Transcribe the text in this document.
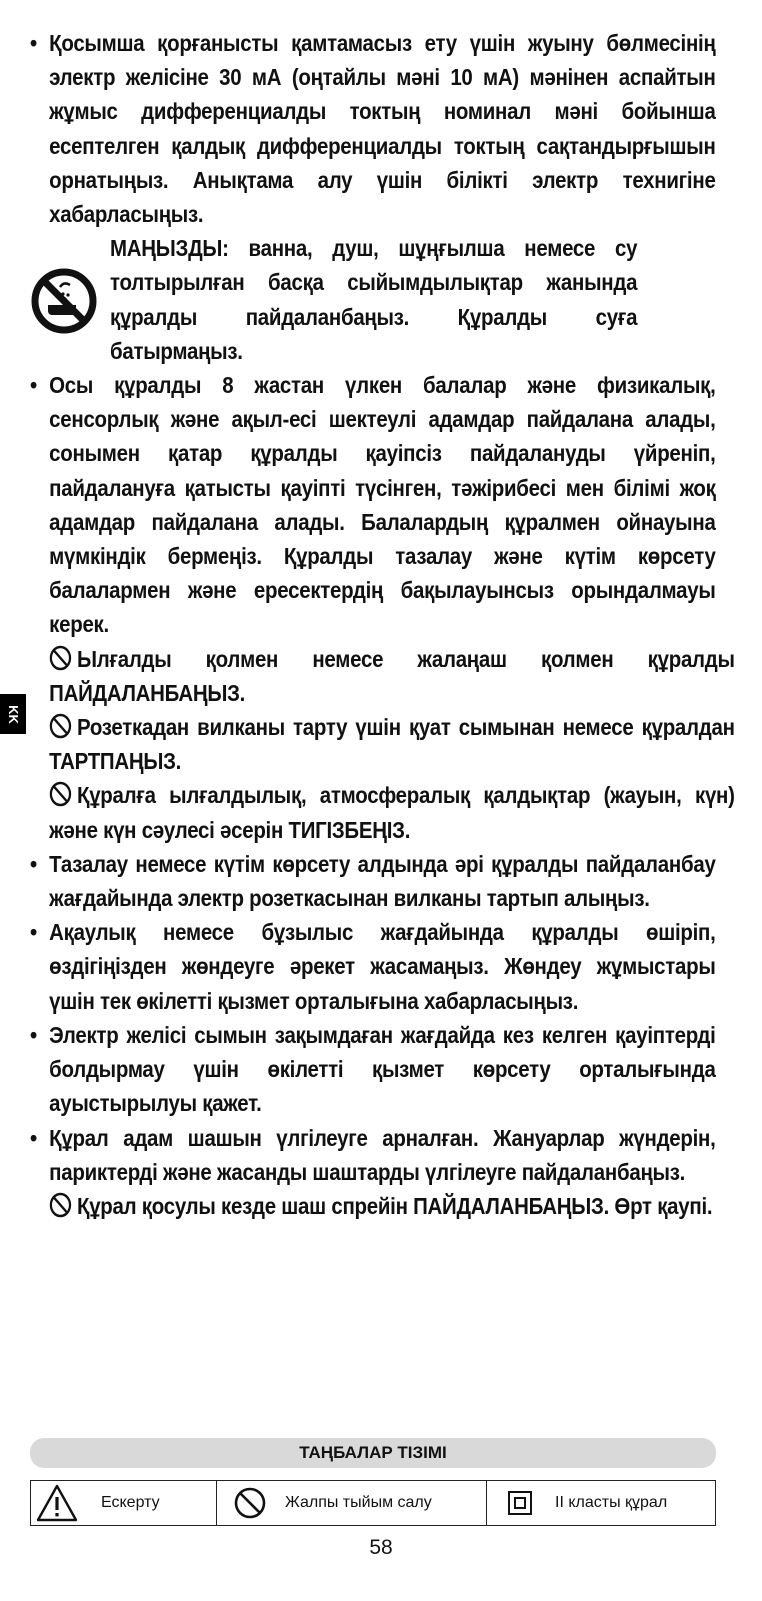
KK
• Қосымша қорғанысты қамтамасыз ету үшін жуыну бөлмесінің электр желісіне 30 мА (оңтайлы мәні 10 мА) мәнінен аспайтын жұмыс дифференциалды токтың номинал мәні бойынша есептелген қалдық дифференциалды токтың сақтандырғышын орнатыңыз. Анықтама алу үшін білікті электр технигіне хабарласыңыз.
МАҢЫЗДЫ: ванна, душ, шұңғылша немесе су толтырылған басқа сыйымдылықтар жанында құралды пайдаланбаңыз. Құралды суға батырмаңыз.
• Осы құралды 8 жастан үлкен балалар және физикалық, сенсорлық және ақыл-есі шектеулі адамдар пайдалана алады, сонымен қатар құралды қауіпсіз пайдалануды үйреніп, пайдалануға қатысты қауіпті түсінген, тәжірибесі мен білімі жоқ адамдар пайдалана алады. Балалардың құралмен ойнауына мүмкіндік бермеңіз. Құралды тазалау және күтім көрсету балалармен және ересектердің бақылауынсыз орындалмауы керек.
Ылғалды қолмен немесе жалаңаш қолмен құралды ПАЙДАЛАНБАҢЫЗ.
Розеткадан вилканы тарту үшін қуат сымынан немесе құралдан ТАРТПАҢЫЗ.
Құралға ылғалдылық, атмосфералық қалдықтар (жауын, күн) және күн сәулесі әсерін ТИГІЗБЕҢІЗ.
• Тазалау немесе күтім көрсету алдында әрі құралды пайдаланбау жағдайында электр розеткасынан вилканы тартып алыңыз.
• Ақаулық немесе бұзылыс жағдайында құралды өшіріп, өздігіңізден жөндеуге әрекет жасамаңыз. Жөндеу жұмыстары үшін тек өкілетті қызмет орталығына хабарласыңыз.
• Электр желісі сымын зақымдаған жағдайда кез келген қауіптерді болдырмау үшін өкілетті қызмет көрсету орталығында ауыстырылуы қажет.
• Құрал адам шашын үлгілеуге арналған. Жануарлар жүндерін, париктерді және жасанды шаштарды үлгілеуге пайдаланбаңыз.
Құрал қосулы кезде шаш спрейін ПАЙДАЛАНБАҢЫЗ. Өрт қаупі.
ТАҢБАЛАР ТІЗІМІ
Ескерту	Жалпы тыйым салу	II класты құрал
58
